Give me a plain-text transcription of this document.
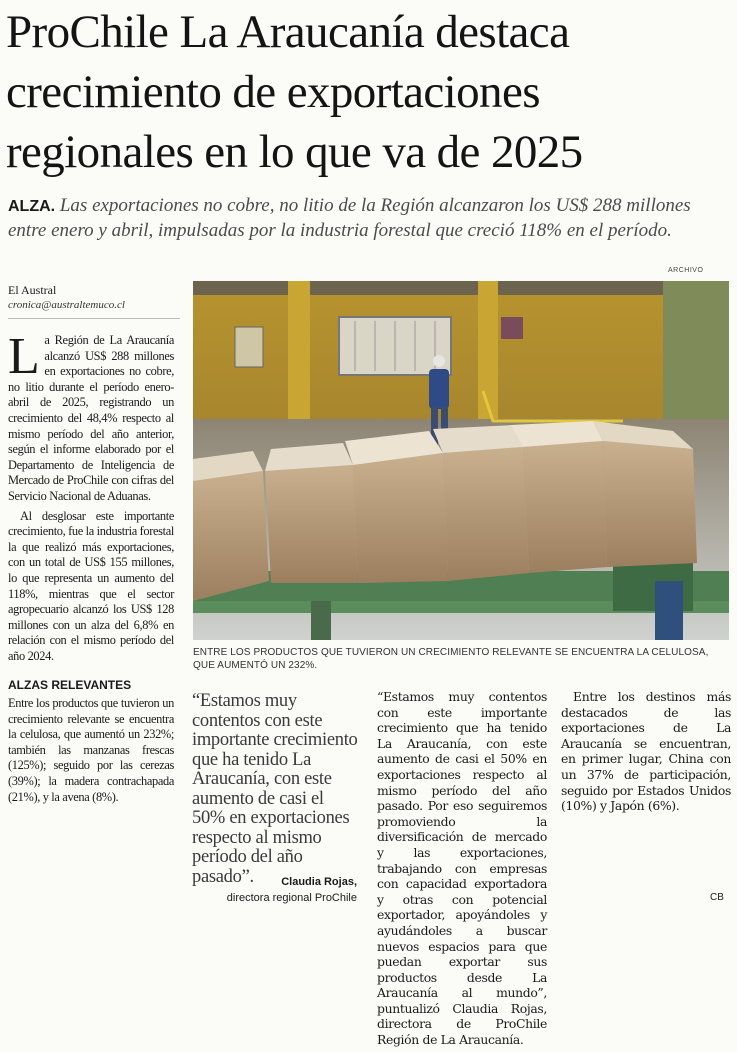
ProChile La Araucanía destaca crecimiento de exportaciones regionales en lo que va de 2025
ALZA. Las exportaciones no cobre, no litio de la Región alcanzaron los US$ 288 millones entre enero y abril, impulsadas por la industria forestal que creció 118% en el período.
El Austral
cronica@australtemuco.cl
ARCHIVO

L a Región de La Araucanía alcanzó US$ 288 millones en exportaciones no cobre, no litio durante el período enero-abril de 2025, registrando un crecimiento del 48,4% respecto al mismo período del año anterior, según el informe elaborado por el Departamento de Inteligencia de Mercado de ProChile con cifras del Servicio Nacional de Aduanas.

Al desglosar este importante crecimiento, fue la industria forestal la que realizó más exportaciones, con un total de US$ 155 millones, lo que representa un aumento del 118%, mientras que el sector agropecuario alcanzó los US$ 128 millones con un alza del 6,8% en relación con el mismo período del año 2024.

ALZAS RELEVANTES

Entre los productos que tuvieron un crecimiento relevante se encuentra la celulosa, que aumentó un 232%; también las manzanas frescas (125%); seguido por las cerezas (39%); la madera contrachapada (21%), y la avena (8%).

ENTRE LOS PRODUCTOS QUE TUVIERON UN CRECIMIENTO RELEVANTE SE ENCUENTRA LA CELULOSA, QUE AUMENTÓ UN 232%.
“Estamos muy contentos con este importante crecimiento que ha tenido La Araucanía, con este aumento de casi el 50% en exportaciones respecto al mismo período del año pasado”.	Claudia Rojas,
directora regional ProChile

“Estamos muy contentos con este importante crecimiento que ha tenido La Araucanía, con este aumento de casi el 50% en exportaciones respecto al mismo período del año pasado. Por eso seguiremos promoviendo la diversificación de mercado y las exportaciones, trabajando con empresas con capacidad exportadora y otras con potencial exportador, apoyándoles y ayudándoles a buscar nuevos espacios para que puedan exportar sus productos desde La Araucanía al mundo”, puntualizó Claudia Rojas, directora de ProChile Región de La Araucanía.

Entre los destinos más destacados de las exportaciones de La Araucanía se encuentran, en primer lugar, China con un 37% de participación, seguido por Estados Unidos (10%) y Japón (6%).

CB
